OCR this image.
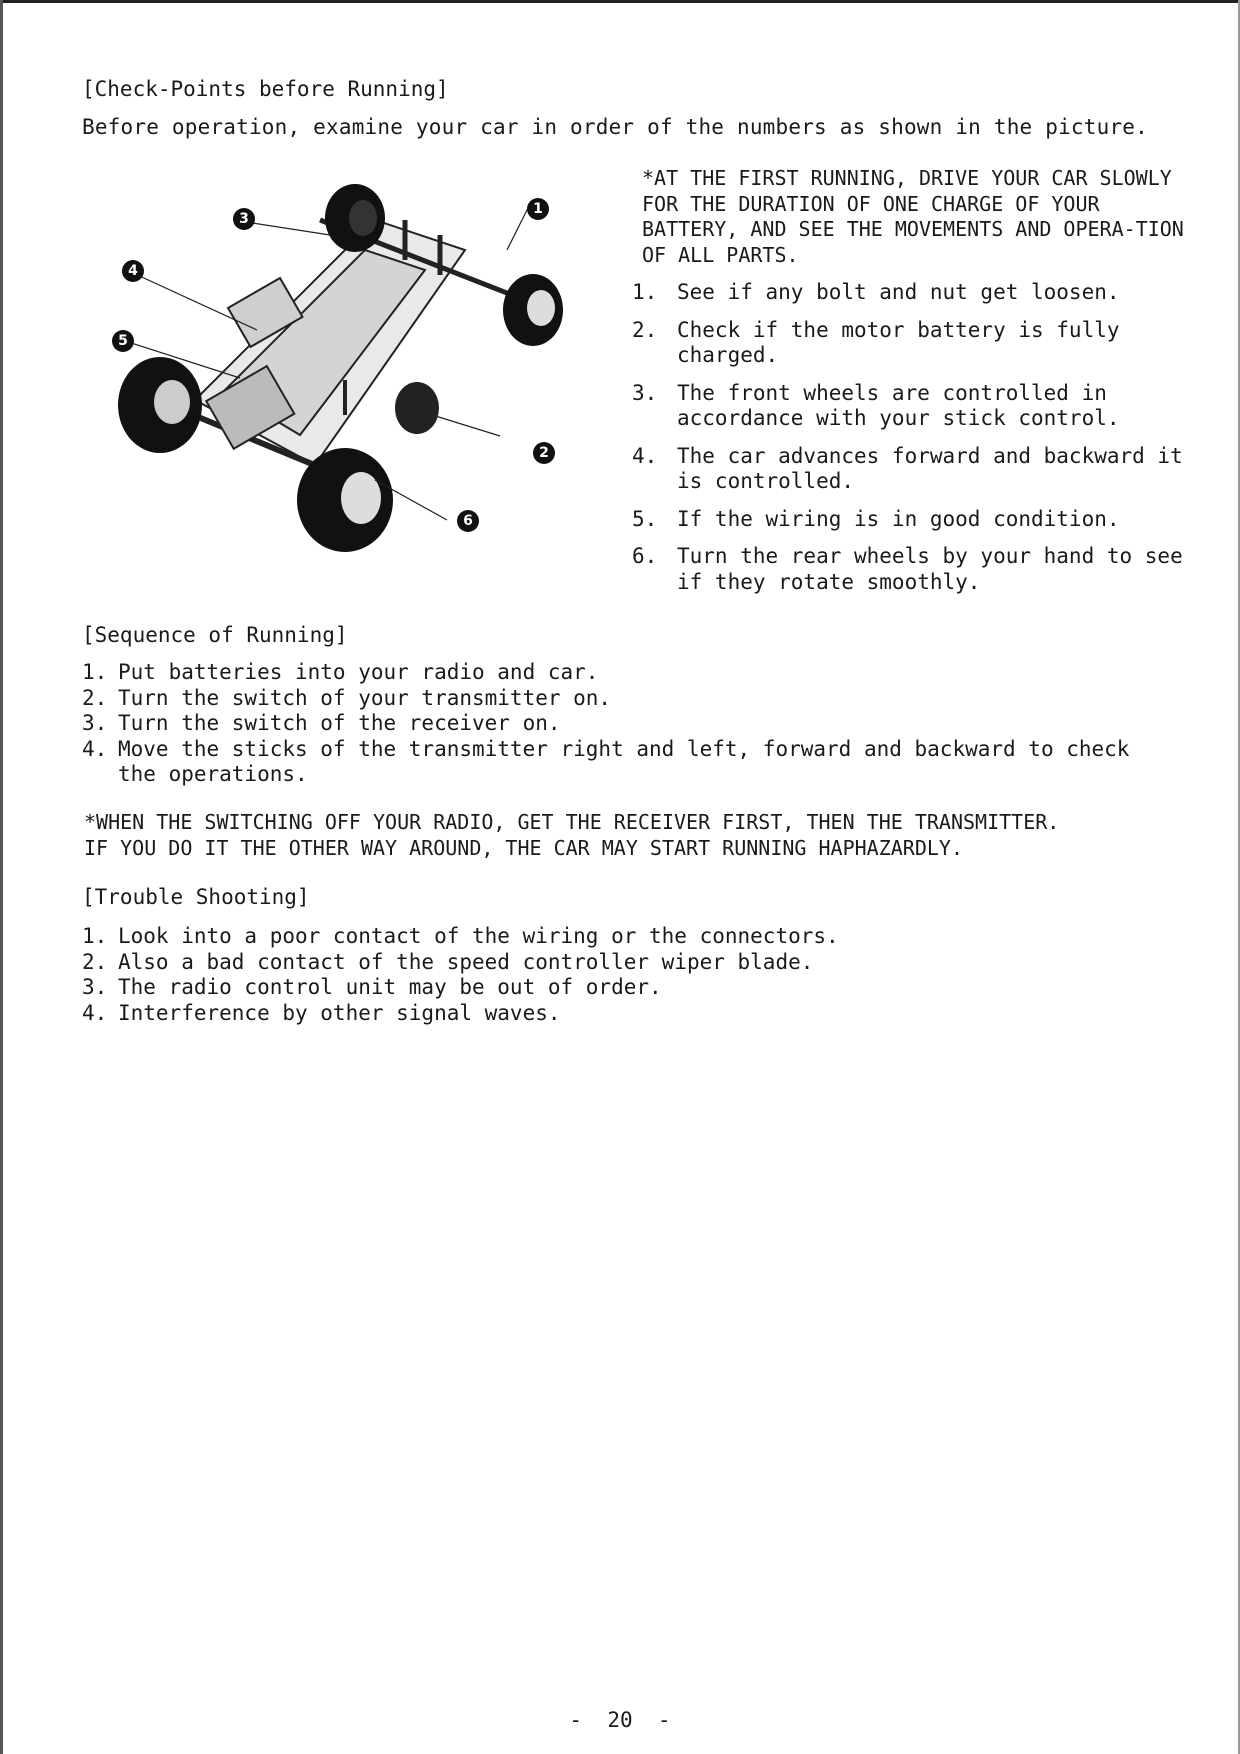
[Check-Points before Running]
Before operation, examine your car in order of the numbers as shown in the picture.
*AT THE FIRST RUNNING, DRIVE YOUR CAR SLOWLY FOR THE DURATION OF ONE CHARGE OF YOUR BATTERY, AND SEE THE MOVEMENTS AND OPERA-TION OF ALL PARTS.
1
2
3
4
5
6
1. See if any bolt and nut get loosen.
2. Check if the motor battery is fully
charged.
3. The front wheels are controlled in
accordance with your stick control.
4. The car advances forward and backward it
is controlled.
5. If the wiring is in good condition.
6. Turn the rear wheels by your hand to see
if they rotate smoothly.
[Sequence of Running]
1. Put batteries into your radio and car.
2. Turn the switch of your transmitter on.
3. Turn the switch of the receiver on.
4. Move the sticks of the transmitter right and left, forward and backward to check
the operations.
*WHEN THE SWITCHING OFF YOUR RADIO, GET THE RECEIVER FIRST, THEN THE TRANSMITTER.
IF YOU DO IT THE OTHER WAY AROUND, THE CAR MAY START RUNNING HAPHAZARDLY.
[Trouble Shooting]
1. Look into a poor contact of the wiring or the connectors.
2. Also a bad contact of the speed controller wiper blade.
3. The radio control unit may be out of order.
4. Interference by other signal waves.
-  20  -
